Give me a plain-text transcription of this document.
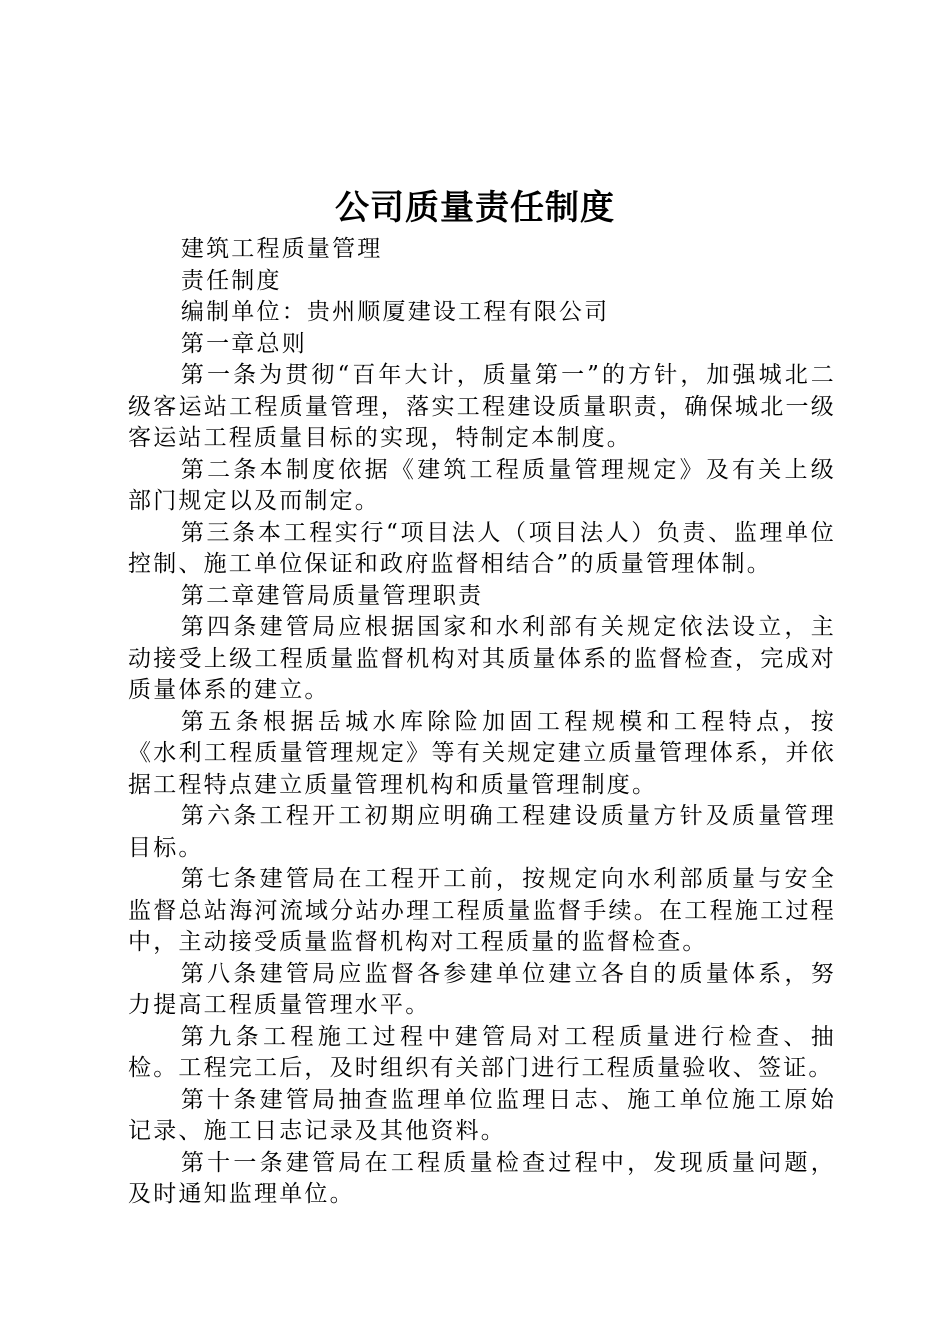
公司质量责任制度

建筑工程质量管理

责任制度

编制单位：贵州顺厦建设工程有限公司

第一章总则

第一条为贯彻“百年大计，质量第一”的方针，加强城北二级客运站工程质量管理，落实工程建设质量职责，确保城北一级客运站工程质量目标的实现，特制定本制度。

第二条本制度依据《建筑工程质量管理规定》及有关上级部门规定以及而制定。

第三条本工程实行“项目法人（项目法人）负责、监理单位控制、施工单位保证和政府监督相结合”的质量管理体制。

第二章建管局质量管理职责

第四条建管局应根据国家和水利部有关规定依法设立，主动接受上级工程质量监督机构对其质量体系的监督检查，完成对质量体系的建立。

第五条根据岳城水库除险加固工程规模和工程特点，按《水利工程质量管理规定》等有关规定建立质量管理体系，并依据工程特点建立质量管理机构和质量管理制度。

第六条工程开工初期应明确工程建设质量方针及质量管理目标。

第七条建管局在工程开工前，按规定向水利部质量与安全监督总站海河流域分站办理工程质量监督手续。在工程施工过程中，主动接受质量监督机构对工程质量的监督检查。

第八条建管局应监督各参建单位建立各自的质量体系，努力提高工程质量管理水平。

第九条工程施工过程中建管局对工程质量进行检查、抽检。工程完工后，及时组织有关部门进行工程质量验收、签证。

第十条建管局抽查监理单位监理日志、施工单位施工原始记录、施工日志记录及其他资料。

第十一条建管局在工程质量检查过程中，发现质量问题，及时通知监理单位。
